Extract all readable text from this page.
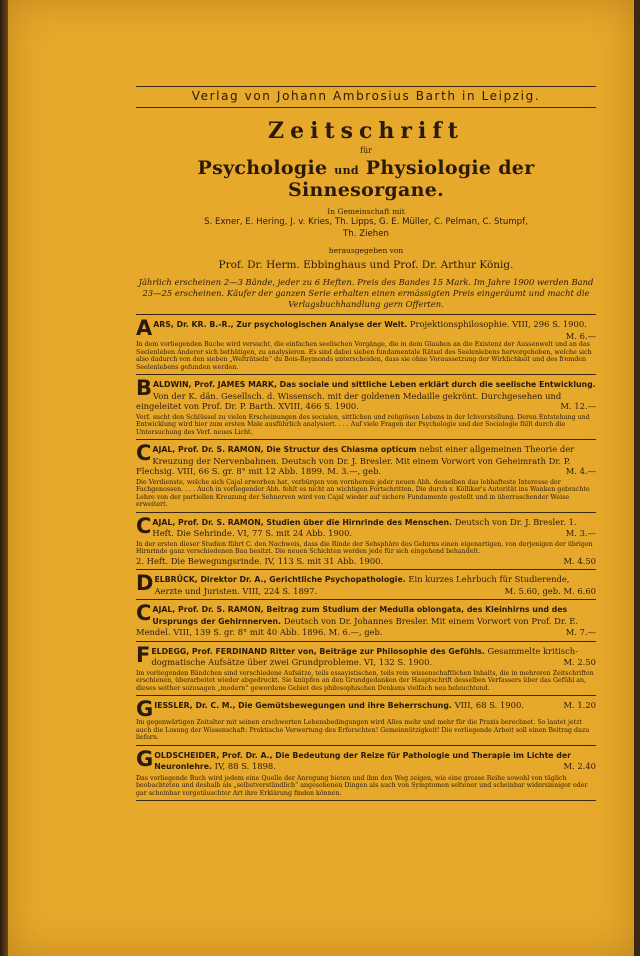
Verlag von Johann Ambrosius Barth in Leipzig.
Zeitschrift
für
Psychologie und Physiologie der Sinnesorgane.
In Gemeinschaft mit
S. Exner, E. Hering, J. v. Kries, Th. Lipps, G. E. Müller, C. Pelman, C. Stumpf,
Th. Ziehen
herausgegeben von
Prof. Dr. Herm. Ebbinghaus und Prof. Dr. Arthur König.
Jährlich erscheinen 2—3 Bände, jeder zu 6 Heften. Preis des Bandes 15 Mark. Im Jahre 1900 werden Band 23—25 erscheinen. Käufer der ganzen Serie erhalten einen ermässigten Preis eingeräumt und macht die Verlagsbuchhandlung gern Offerten.
AARS, Dr. KR. B.-R., Zur psychologischen Analyse der Welt. Projektionsphilosophie. VIII, 296 S. 1900.
M. 6.—
In dem vorliegenden Buche wird versucht, die einfachen seelischen Vorgänge, die in dem Glauben an die Existenz der Aussenwelt und an das Seelenleben Anderer sich bethätigen, zu analysieren. Es sind dabei sieben fundamentale Rätsel des Seelenlebens hervorgehoben, welche sich also dadurch von den sieben „Welträtseln“ du Bois-Reymonds unterscheiden, dass sie ohne Voraussetzung der Wirklichkeit und des fremden Seelenlebens gefunden werden.
BALDWIN, Prof. JAMES MARK, Das sociale und sittliche Leben erklärt durch die seelische Entwicklung. Von der K. dän. Gesellsch. d. Wissensch. mit der goldenen Medaille gekrönt. Durchgesehen und eingeleitet von Prof. Dr. P. Barth. XVIII, 466 S. 1900.	M. 12.—
Verf. sucht den Schlüssel zu vielen Erscheinungen des socialen, sittlichen und religiösen Lebens in der Ichvorstellung. Deren Entstehung und Entwicklung wird hier zum ersten Male ausführlich analysiert. . . . Auf viele Fragen der Psychologie und der Sociologie fällt durch die Untersuchung des Verf. neues Licht.
CAJAL, Prof. Dr. S. RAMON, Die Structur des Chiasma opticum nebst einer allgemeinen Theorie der Kreuzung der Nervenbahnen. Deutsch von Dr. J. Bresler. Mit einem Vorwort von Geheimrath Dr. P. Flechsig. VIII, 66 S. gr. 8° mit 12 Abb. 1899. M. 3.—, geb.	M. 4.—
Die Verdienste, welche sich Cajal erworben hat, verbürgen von vornherein jeder neuen Abh. desselben das lebhafteste Interesse der Fachgenossen. . . . Auch in vorliegender Abh. fehlt es nicht an wichtigen Fortschritten. Die durch v. Kölliker's Autorität ins Wanken gebrachte Lehre von der partiellen Kreuzung der Sehnerven wird von Cajal wieder auf sichere Fundamente gestellt und in überraschender Weise erweitert.
CAJAL, Prof. Dr. S. RAMON, Studien über die Hirnrinde des Menschen. Deutsch von Dr. J. Bresler. 1. Heft. Die Sehrinde. VI, 77 S. mit 24 Abb. 1900.	M. 3.—
In der ersten dieser Studien führt C. den Nachweis, dass die Rinde der Sehsphäre des Gehirns einen eigenartigen, von derjenigen der übrigen Hirnrinde ganz verschiedenen Bau besitzt. Die neuen Schichten werden jede für sich eingehend behandelt.
2. Heft. Die Bewegungsrinde. IV, 113 S. mit 31 Abb. 1900.	M. 4.50
DELBRÜCK, Direktor Dr. A., Gerichtliche Psychopathologie. Ein kurzes Lehrbuch für Studierende, Aerzte und Juristen. VIII, 224 S. 1897.	M. 5.60, geb. M. 6.60
CAJAL, Prof. Dr. S. RAMON, Beitrag zum Studium der Medulla oblongata, des Kleinhirns und des Ursprungs der Gehirnnerven. Deutsch von Dr. Johannes Bresler. Mit einem Vorwort von Prof. Dr. E. Mendel. VIII, 139 S. gr. 8° mit 40 Abb. 1896. M. 6.—, geb.	M. 7.—
FELDEGG, Prof. FERDINAND Ritter von, Beiträge zur Philosophie des Gefühls. Gesammelte kritisch-dogmatische Aufsätze über zwei Grundprobleme. VI, 132 S. 1900.	M. 2.50
Im vorliegenden Bändchen sind verschiedene Aufsätze, teils essayistischen, teils rein wissenschaftlichen Inhalts, die in mehreren Zeitschriften erschienen, überarbeitet wieder abgedruckt. Sie knüpfen an den Grundgedanken der Hauptschrift desselben Verfassers über das Gefühl an, dieses seither sozusagen „modern“ gewordene Gebiet des philosophischen Denkens vielfach neu beleuchtend.
GIESSLER, Dr. C. M., Die Gemütsbewegungen und ihre Beherrschung. VIII, 68 S. 1900.	M. 1.20
Im gegenwärtigen Zeitalter mit seinen erschwerten Lebensbedingungen wird Alles mehr und mehr für die Praxis berechnet. So lautet jetzt auch die Losung der Wissenschaft: Praktische Verwertung des Erforschten! Gemeinnützigkeit! Die vorliegende Arbeit soll einen Beitrag dazu liefern.
GOLDSCHEIDER, Prof. Dr. A., Die Bedeutung der Reize für Pathologie und Therapie im Lichte der Neuronlehre. IV, 88 S. 1898.	M. 2.40
Das vorliegende Buch wird jedem eine Quelle der Anregung bieten und ihm den Weg zeigen, wie eine grosse Reihe sowohl von täglich beobachteten und deshalb als „selbstverständlich“ angesehenen Dingen als auch von Symptomen seltener und scheinbar widersinniger oder gar scheinbar vorgetäuschter Art ihre Erklärung finden können.
